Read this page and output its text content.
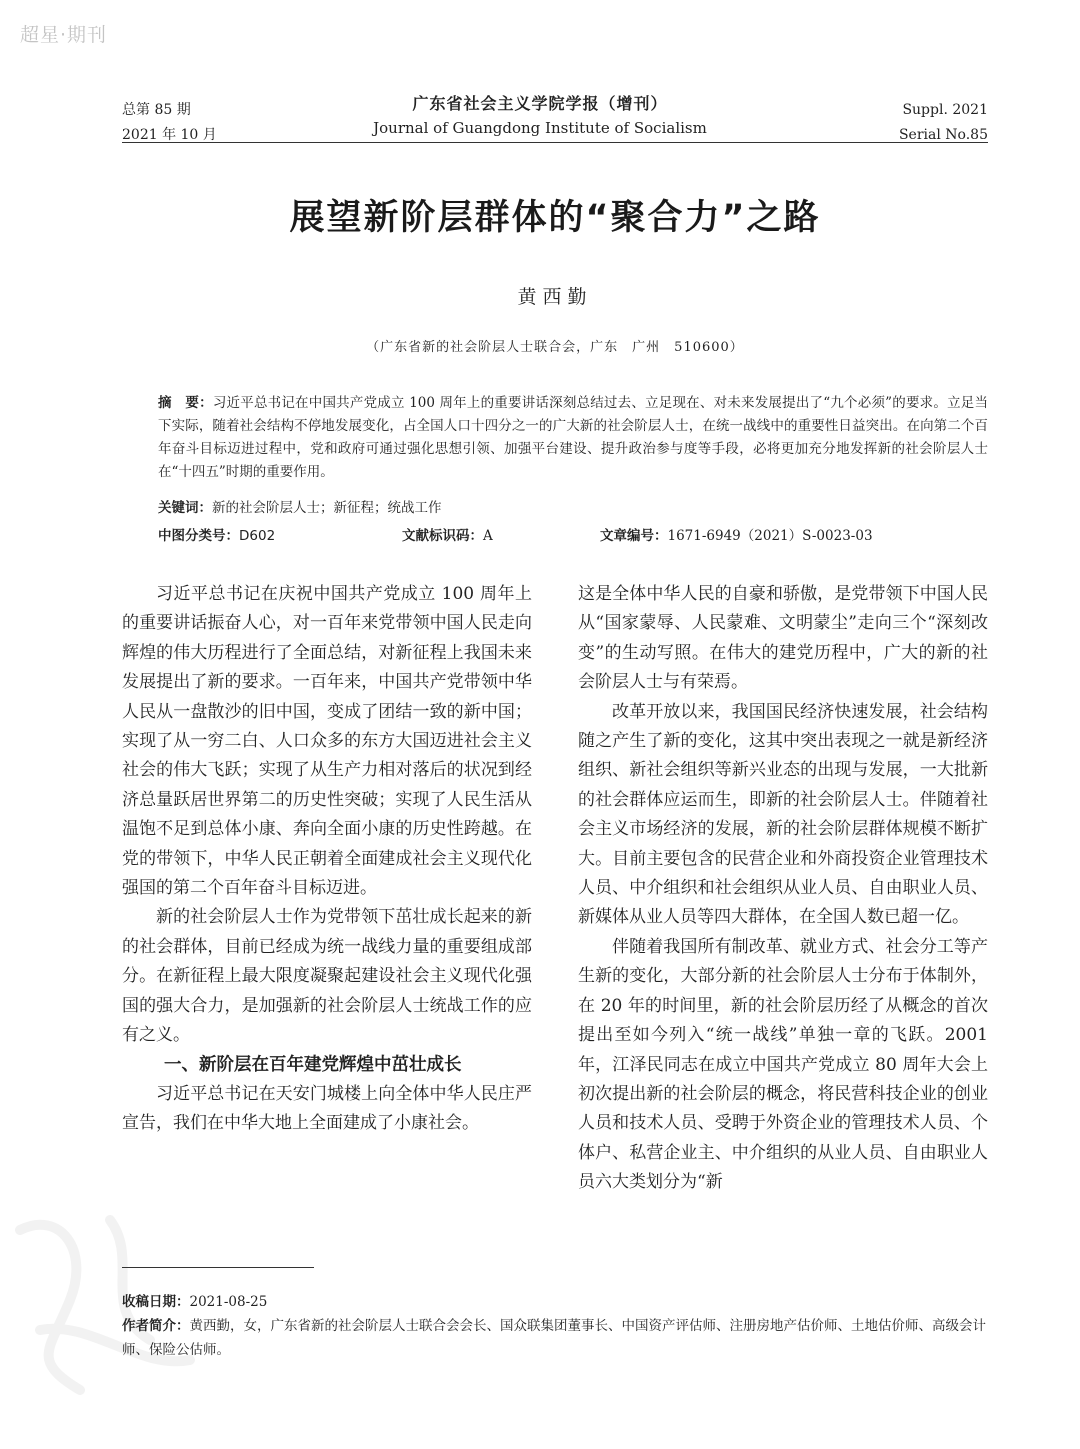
超星·期刊
总第 85 期
2021 年 10 月
广东省社会主义学院学报（增刊）
Journal of Guangdong Institute of Socialism
Suppl. 2021
Serial No.85
展望新阶层群体的“聚合力”之路
黄西勤
（广东省新的社会阶层人士联合会，广东　广州　510600）
摘　要：习近平总书记在中国共产党成立 100 周年上的重要讲话深刻总结过去、立足现在、对未来发展提出了“九个必须”的要求。立足当下实际，随着社会结构不停地发展变化，占全国人口十四分之一的广大新的社会阶层人士，在统一战线中的重要性日益突出。在向第二个百年奋斗目标迈进过程中，党和政府可通过强化思想引领、加强平台建设、提升政治参与度等手段，必将更加充分地发挥新的社会阶层人士在“十四五”时期的重要作用。
关键词：新的社会阶层人士；新征程；统战工作
中图分类号：D602	文献标识码：A	文章编号：1671-6949（2021）S-0023-03

习近平总书记在庆祝中国共产党成立 100 周年上的重要讲话振奋人心，对一百年来党带领中国人民走向辉煌的伟大历程进行了全面总结，对新征程上我国未来发展提出了新的要求。一百年来，中国共产党带领中华人民从一盘散沙的旧中国，变成了团结一致的新中国；实现了从一穷二白、人口众多的东方大国迈进社会主义社会的伟大飞跃；实现了从生产力相对落后的状况到经济总量跃居世界第二的历史性突破；实现了人民生活从温饱不足到总体小康、奔向全面小康的历史性跨越。在党的带领下，中华人民正朝着全面建成社会主义现代化强国的第二个百年奋斗目标迈进。

新的社会阶层人士作为党带领下茁壮成长起来的新的社会群体，目前已经成为统一战线力量的重要组成部分。在新征程上最大限度凝聚起建设社会主义现代化强国的强大合力，是加强新的社会阶层人士统战工作的应有之义。

一、新阶层在百年建党辉煌中茁壮成长

习近平总书记在天安门城楼上向全体中华人民庄严宣告，我们在中华大地上全面建成了小康社会。

这是全体中华人民的自豪和骄傲，是党带领下中国人民从“国家蒙辱、人民蒙难、文明蒙尘”走向三个“深刻改变”的生动写照。在伟大的建党历程中，广大的新的社会阶层人士与有荣焉。

改革开放以来，我国国民经济快速发展，社会结构随之产生了新的变化，这其中突出表现之一就是新经济组织、新社会组织等新兴业态的出现与发展，一大批新的社会群体应运而生，即新的社会阶层人士。伴随着社会主义市场经济的发展，新的社会阶层群体规模不断扩大。目前主要包含的民营企业和外商投资企业管理技术人员、中介组织和社会组织从业人员、自由职业人员、新媒体从业人员等四大群体，在全国人数已超一亿。

伴随着我国所有制改革、就业方式、社会分工等产生新的变化，大部分新的社会阶层人士分布于体制外，在 20 年的时间里，新的社会阶层历经了从概念的首次提出至如今列入“统一战线”单独一章的飞跃。2001 年，江泽民同志在成立中国共产党成立 80 周年大会上初次提出新的社会阶层的概念，将民营科技企业的创业人员和技术人员、受聘于外资企业的管理技术人员、个体户、私营企业主、中介组织的从业人员、自由职业人员六大类划分为“新

收稿日期：2021-08-25
作者简介：黄西勤，女，广东省新的社会阶层人士联合会会长、国众联集团董事长、中国资产评估师、注册房地产估价师、土地估价师、高级会计师、保险公估师。
